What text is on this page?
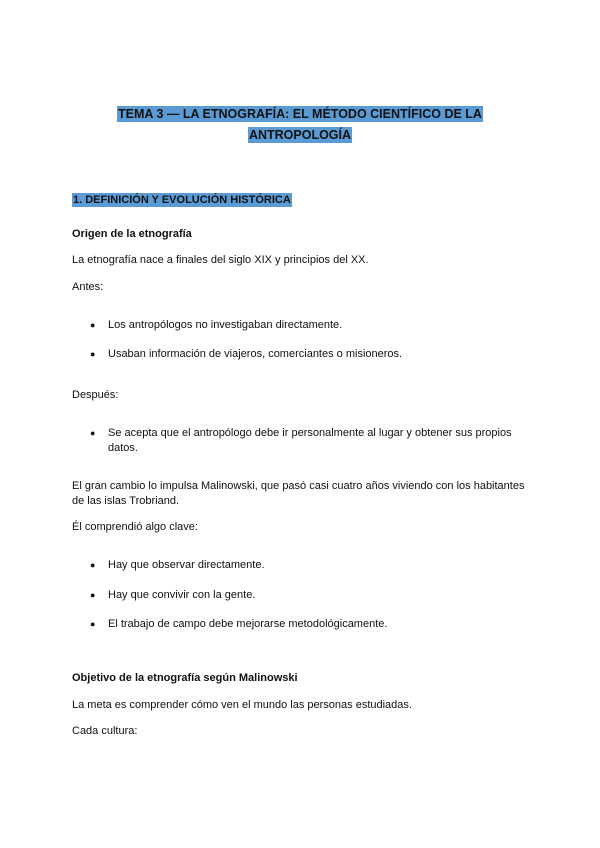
TEMA 3 — LA ETNOGRAFÍA: EL MÉTODO CIENTÍFICO DE LA
ANTROPOLOGÍA
1. DEFINICIÓN Y EVOLUCIÓN HISTÓRICA
Origen de la etnografía
La etnografía nace a finales del siglo XIX y principios del XX.
Antes:
● Los antropólogos no investigaban directamente.
● Usaban información de viajeros, comerciantes o misioneros.
Después:
● Se acepta que el antropólogo debe ir personalmente al lugar y obtener sus propios datos.
El gran cambio lo impulsa Malinowski, que pasó casi cuatro años viviendo con los habitantes de las islas Trobriand.
Él comprendió algo clave:
● Hay que observar directamente.
● Hay que convivir con la gente.
● El trabajo de campo debe mejorarse metodológicamente.
Objetivo de la etnografía según Malinowski
La meta es comprender cómo ven el mundo las personas estudiadas.
Cada cultura:
